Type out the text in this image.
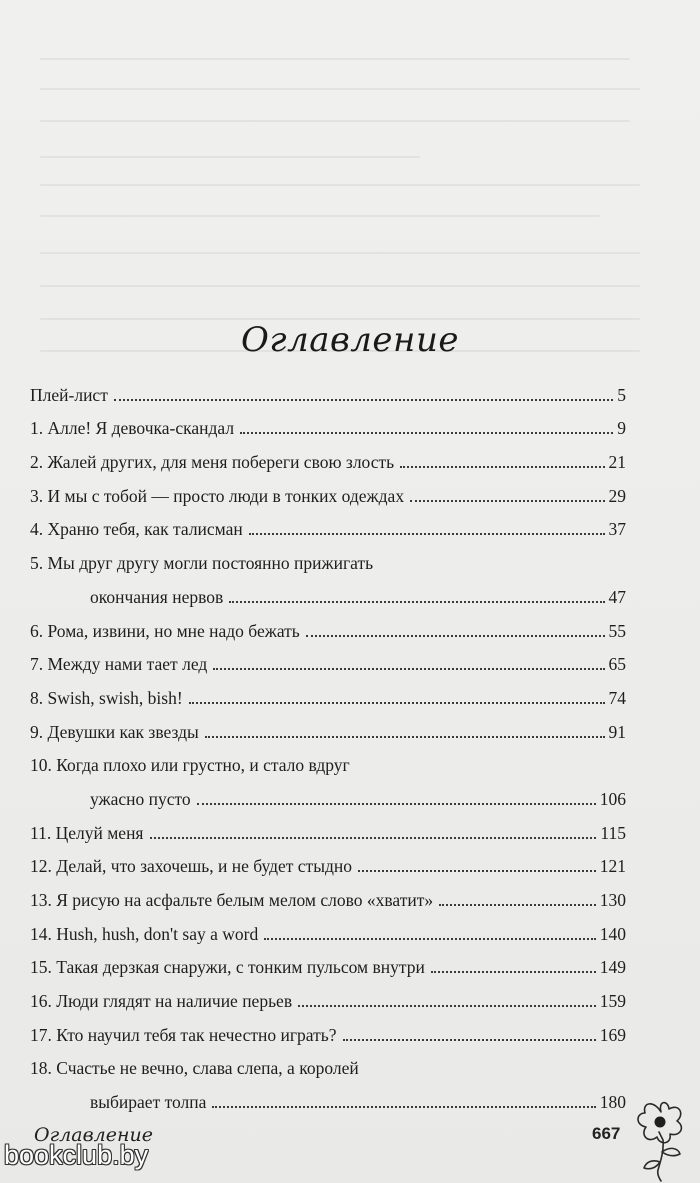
Оглавление
Плей-лист	5
1. Алле! Я девочка-скандал	9
2. Жалей других, для меня побереги свою злость	21
3. И мы с тобой — просто люди в тонких одеждах	29
4. Храню тебя, как талисман	37
5. Мы друг другу могли постоянно прижигать
окончания нервов	47
6. Рома, извини, но мне надо бежать	55
7. Между нами тает лед	65
8. Swish, swish, bish!	74
9. Девушки как звезды	91
10. Когда плохо или грустно, и стало вдруг
ужасно пусто	106
11. Целуй меня	115
12. Делай, что захочешь, и не будет стыдно	121
13. Я рисую на асфальте белым мелом слово «хватит»	130
14. Hush, hush, don't say a word	140
15. Такая дерзкая снаружи, с тонким пульсом внутри	149
16. Люди глядят на наличие перьев	159
17. Кто научил тебя так нечестно играть?	169
18. Счастье не вечно, слава слепа, а королей
выбирает толпа	180
Оглавление	667
bookclub.by
